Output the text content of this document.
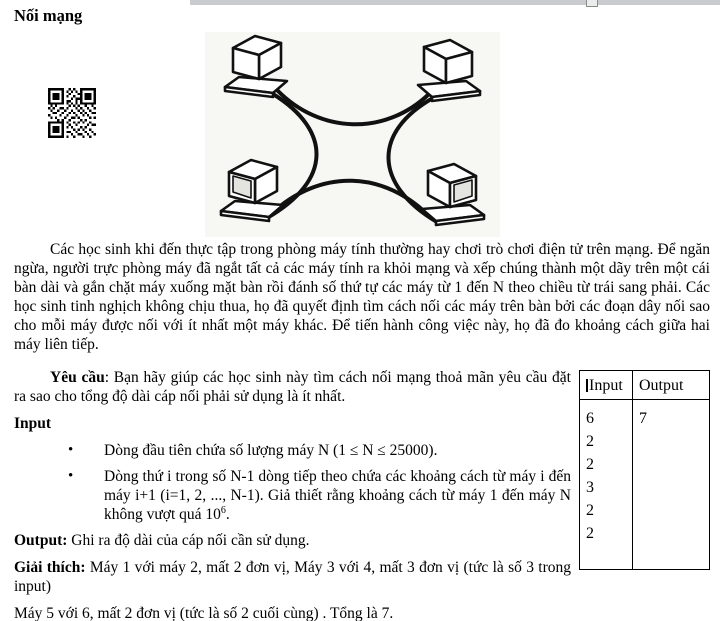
Nối mạng

Các học sinh khi đến thực tập trong phòng máy tính thường hay chơi trò chơi điện tử trên mạng. Để ngăn ngừa, người trực phòng máy đã ngắt tất cả các máy tính ra khỏi mạng và xếp chúng thành một dãy trên một cái bàn dài và gắn chặt máy xuống mặt bàn rồi đánh số thứ tự các máy từ 1 đến N theo chiều từ trái sang phải. Các học sinh tinh nghịch không chịu thua, họ đã quyết định tìm cách nối các máy trên bàn bởi các đoạn dây nối sao cho mỗi máy được nối với ít nhất một máy khác. Để tiến hành công việc này, họ đã đo khoảng cách giữa hai máy liên tiếp.

Input	Output
6
2
2
3
2
2
7

Yêu cầu: Bạn hãy giúp các học sinh này tìm cách nối mạng thoả mãn yêu cầu đặt ra sao cho tổng độ dài cáp nối phải sử dụng là ít nhất.

Input

• Dòng đầu tiên chứa số lượng máy N (1 ≤ N ≤ 25000).
• Dòng thứ i trong số N-1 dòng tiếp theo chứa các khoảng cách từ máy i đến máy i+1 (i=1, 2, ..., N-1). Giả thiết rằng khoảng cách từ máy 1 đến máy N không vượt quá $10^6$.

Output: Ghi ra độ dài của cáp nối cần sử dụng.

Giải thích: Máy 1 với máy 2, mất 2 đơn vị, Máy 3 với 4, mất 3 đơn vị (tức là số 3 trong input)

Máy 5 với 6, mất 2 đơn vị (tức là số 2 cuối cùng) . Tổng là 7.
